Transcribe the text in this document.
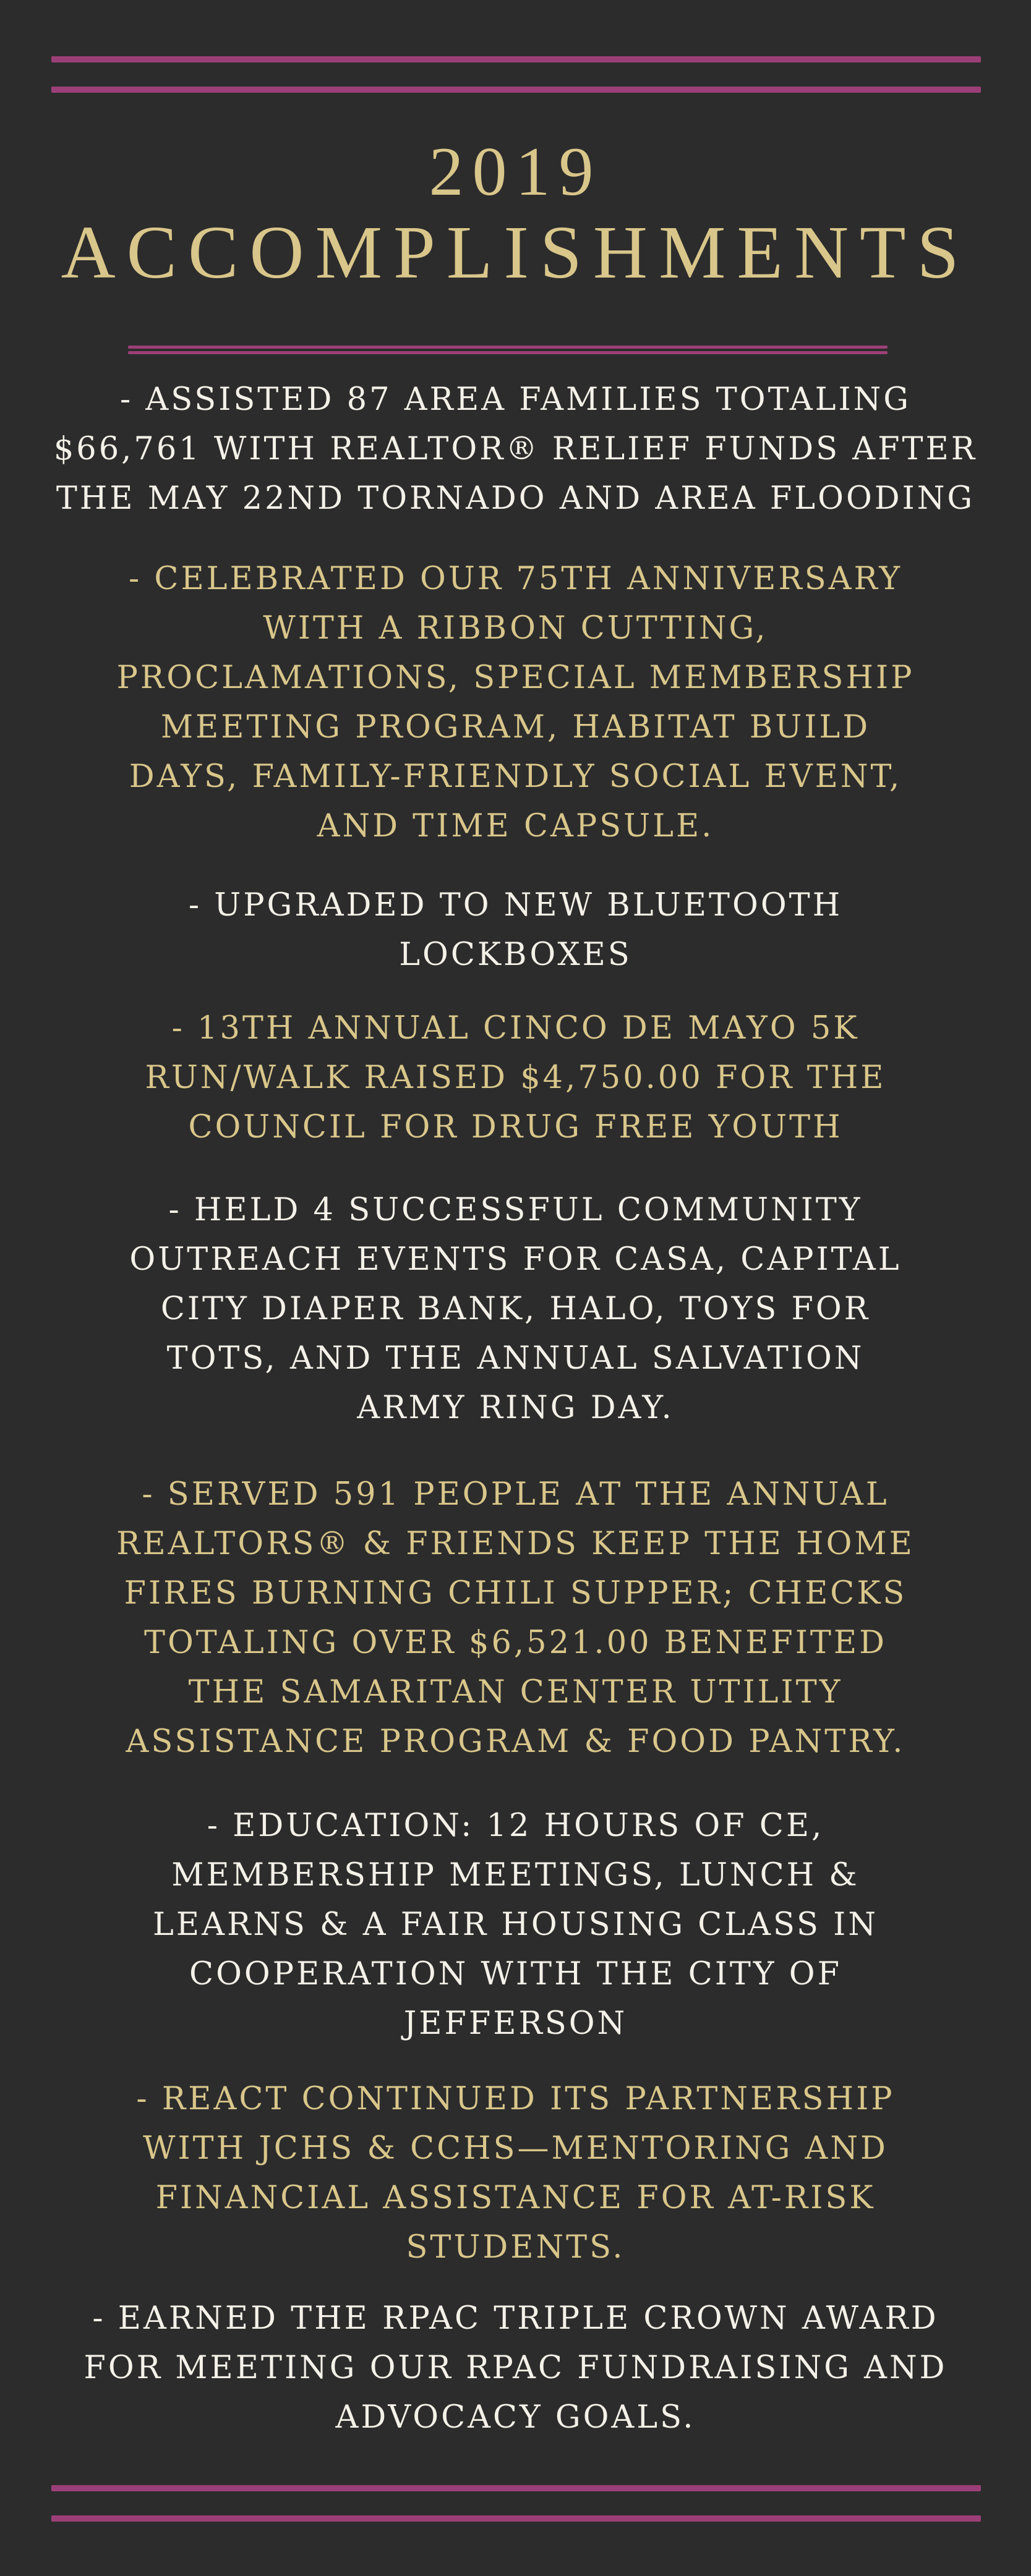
2019
ACCOMPLISHMENTS

- ASSISTED 87 AREA FAMILIES TOTALING $66,761 WITH REALTOR® RELIEF FUNDS AFTER THE MAY 22ND TORNADO AND AREA FLOODING

- CELEBRATED OUR 75TH ANNIVERSARY WITH A RIBBON CUTTING, PROCLAMATIONS, SPECIAL MEMBERSHIP MEETING PROGRAM, HABITAT BUILD DAYS, FAMILY-FRIENDLY SOCIAL EVENT, AND TIME CAPSULE.

- UPGRADED TO NEW BLUETOOTH LOCKBOXES

- 13TH ANNUAL CINCO DE MAYO 5K RUN/WALK RAISED $4,750.00 FOR THE COUNCIL FOR DRUG FREE YOUTH

- HELD 4 SUCCESSFUL COMMUNITY OUTREACH EVENTS FOR CASA, CAPITAL CITY DIAPER BANK, HALO, TOYS FOR TOTS, AND THE ANNUAL SALVATION ARMY RING DAY.

- SERVED 591 PEOPLE AT THE ANNUAL REALTORS® & FRIENDS KEEP THE HOME FIRES BURNING CHILI SUPPER; CHECKS TOTALING OVER $6,521.00 BENEFITED THE SAMARITAN CENTER UTILITY ASSISTANCE PROGRAM & FOOD PANTRY.

- EDUCATION: 12 HOURS OF CE, MEMBERSHIP MEETINGS, LUNCH & LEARNS & A FAIR HOUSING CLASS IN COOPERATION WITH THE CITY OF JEFFERSON

- REACT CONTINUED ITS PARTNERSHIP WITH JCHS & CCHS—MENTORING AND FINANCIAL ASSISTANCE FOR AT-RISK STUDENTS.

- EARNED THE RPAC TRIPLE CROWN AWARD FOR MEETING OUR RPAC FUNDRAISING AND ADVOCACY GOALS.
